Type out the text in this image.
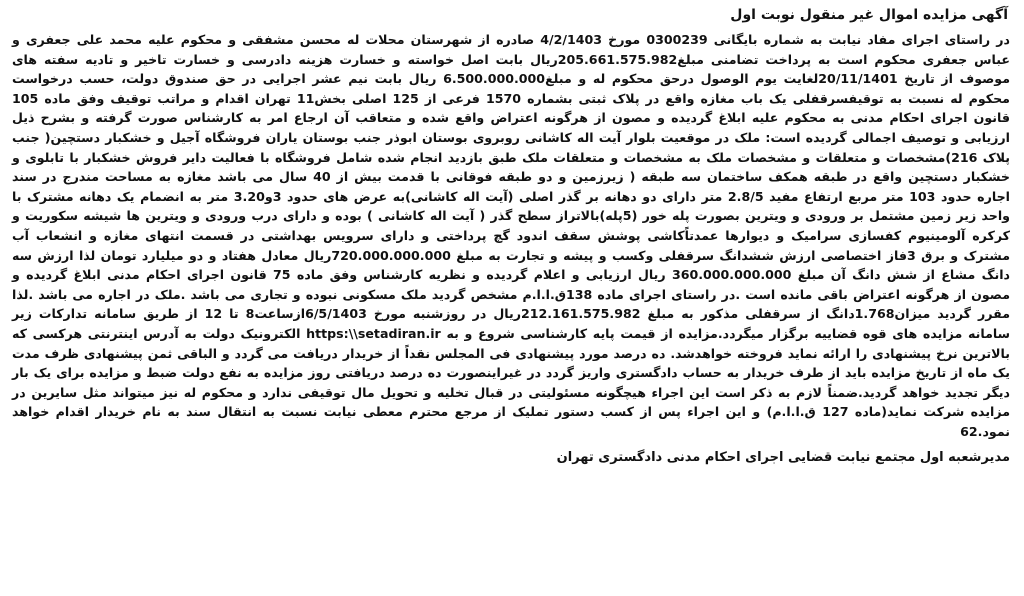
آگهی مزایده اموال غیر منقول نوبت اول

در راستای اجرای مفاد نیابت به شماره بایگانی 0300239 مورخ 4/2/1403 صادره از شهرستان محلات له محسن مشفقی و محکوم علیه محمد علی جعفری و عباس جعفری محکوم است به پرداخت تضامنی مبلغ205.661.575.982ریال بابت اصل خواسته و خسارت هزینه دادرسی و خسارت تاخیر و تادیه سفته های موصوف از تاریخ 20/11/1401لغایت یوم الوصول درحق محکوم له و مبلغ6.500.000.000 ریال بابت نیم عشر اجرایی در حق صندوق دولت، حسب درخواست محکوم له نسبت به توقیفسرقفلی یک باب مغازه واقع در پلاک ثبتی بشماره 1570 فرعی از 125 اصلی بخش11 تهران اقدام و مراتب توقیف وفق ماده 105 قانون اجرای احکام مدنی به محکوم علیه ابلاغ گردیده و مصون از هرگونه اعتراض واقع شده و متعاقب آن ارجاع امر به کارشناس صورت گرفته و بشرح ذیل ارزیابی و توصیف اجمالی گردیده است: ملک در موقعیت بلوار آیت اله کاشانی روبروی بوستان ابوذر جنب بوستان یاران فروشگاه آجیل و خشکبار دستچین( جنب پلاک 216)مشخصات و متعلقات و مشخصات ملک به مشخصات و متعلقات ملک طبق بازدید انجام شده شامل فروشگاه با فعالیت دایر فروش خشکبار با تابلوی و خشکبار دستچین واقع در طبقه همکف ساختمان سه طبقه ( زیرزمین و دو طبقه فوقانی با قدمت بیش از 40 سال می باشد مغازه به مساحت مندرج در سند اجاره حدود 103 متر مربع ارتفاع مفید 2.8/5 متر دارای دو دهانه بر گذر اصلی (آیت اله کاشانی)به عرض های حدود 3و3.20 متر به انضمام یک دهانه مشترک با واحد زیر زمین مشتمل بر ورودی و ویترین بصورت پله خور (5پله)بالاتراز سطح گذر ( آیت اله کاشانی ) بوده و دارای درب ورودی و ویترین ها شیشه سکوریت و کرکره آلومینیوم کفسازی سرامیک و دیوارها عمدتاًکاشی پوشش سقف اندود گچ پرداختی و دارای سرویس بهداشتی در قسمت انتهای مغازه و انشعاب آب مشترک و برق 3فاز اختصاصی ارزش ششدانگ سرقفلی وکسب و پیشه و تجارت به مبلغ 720.000.000.000ریال معادل هفتاد و دو میلیارد تومان لذا ارزش سه دانگ مشاع از شش دانگ آن مبلغ 360.000.000.000 ریال ارزیابی و اعلام گردیده و نظریه کارشناس وفق ماده 75 قانون اجرای احکام مدنی ابلاغ گردیده و مصون از هرگونه اعتراض باقی مانده است .در راستای اجرای ماده 138ق.ا.ا.م مشخص گردید ملک مسکونی نبوده و تجاری می باشد .ملک در اجاره می باشد .لذا مقرر گردید میزان1.768دانگ از سرقفلی مذکور به مبلغ 212.161.575.982ریال در روزشنبه مورخ 6/5/1403ازساعت8 تا 12 از طریق سامانه تدارکات زیر سامانه مزایده های قوه قضاییه برگزار میگردد.مزایده از قیمت پایه کارشناسی شروع و به https:\\setadiran.ir الکترونیک دولت به آدرس اینترنتی هرکسی که بالاترین نرخ پیشنهادی را ارائه نماید فروخته خواهدشد. ده درصد مورد پیشنهادی فی المجلس نقداً از خریدار دریافت می گردد و الباقی ثمن پیشنهادی ظرف مدت یک ماه از تاریخ مزایده باید از طرف خریدار به حساب دادگستری واریز گردد در غیراینصورت ده درصد دریافتی روز مزایده به نفع دولت ضبط و مزایده برای یک بار دیگر تجدید خواهد گردید.ضمناً لازم به ذکر است این اجراء هیچگونه مسئولیتی در قبال تخلیه و تحویل مال توقیفی ندارد و محکوم له نیز میتواند مثل سایرین در مزایده شرکت نماید(ماده 127 ق.ا.ا.م) و این اجراء پس از کسب دستور تملیک از مرجع محترم معطی نیابت نسبت به انتقال سند به نام خریدار اقدام خواهد نمود.62

مدیرشعبه اول مجتمع نیابت قضایی اجرای احکام مدنی دادگستری تهران
